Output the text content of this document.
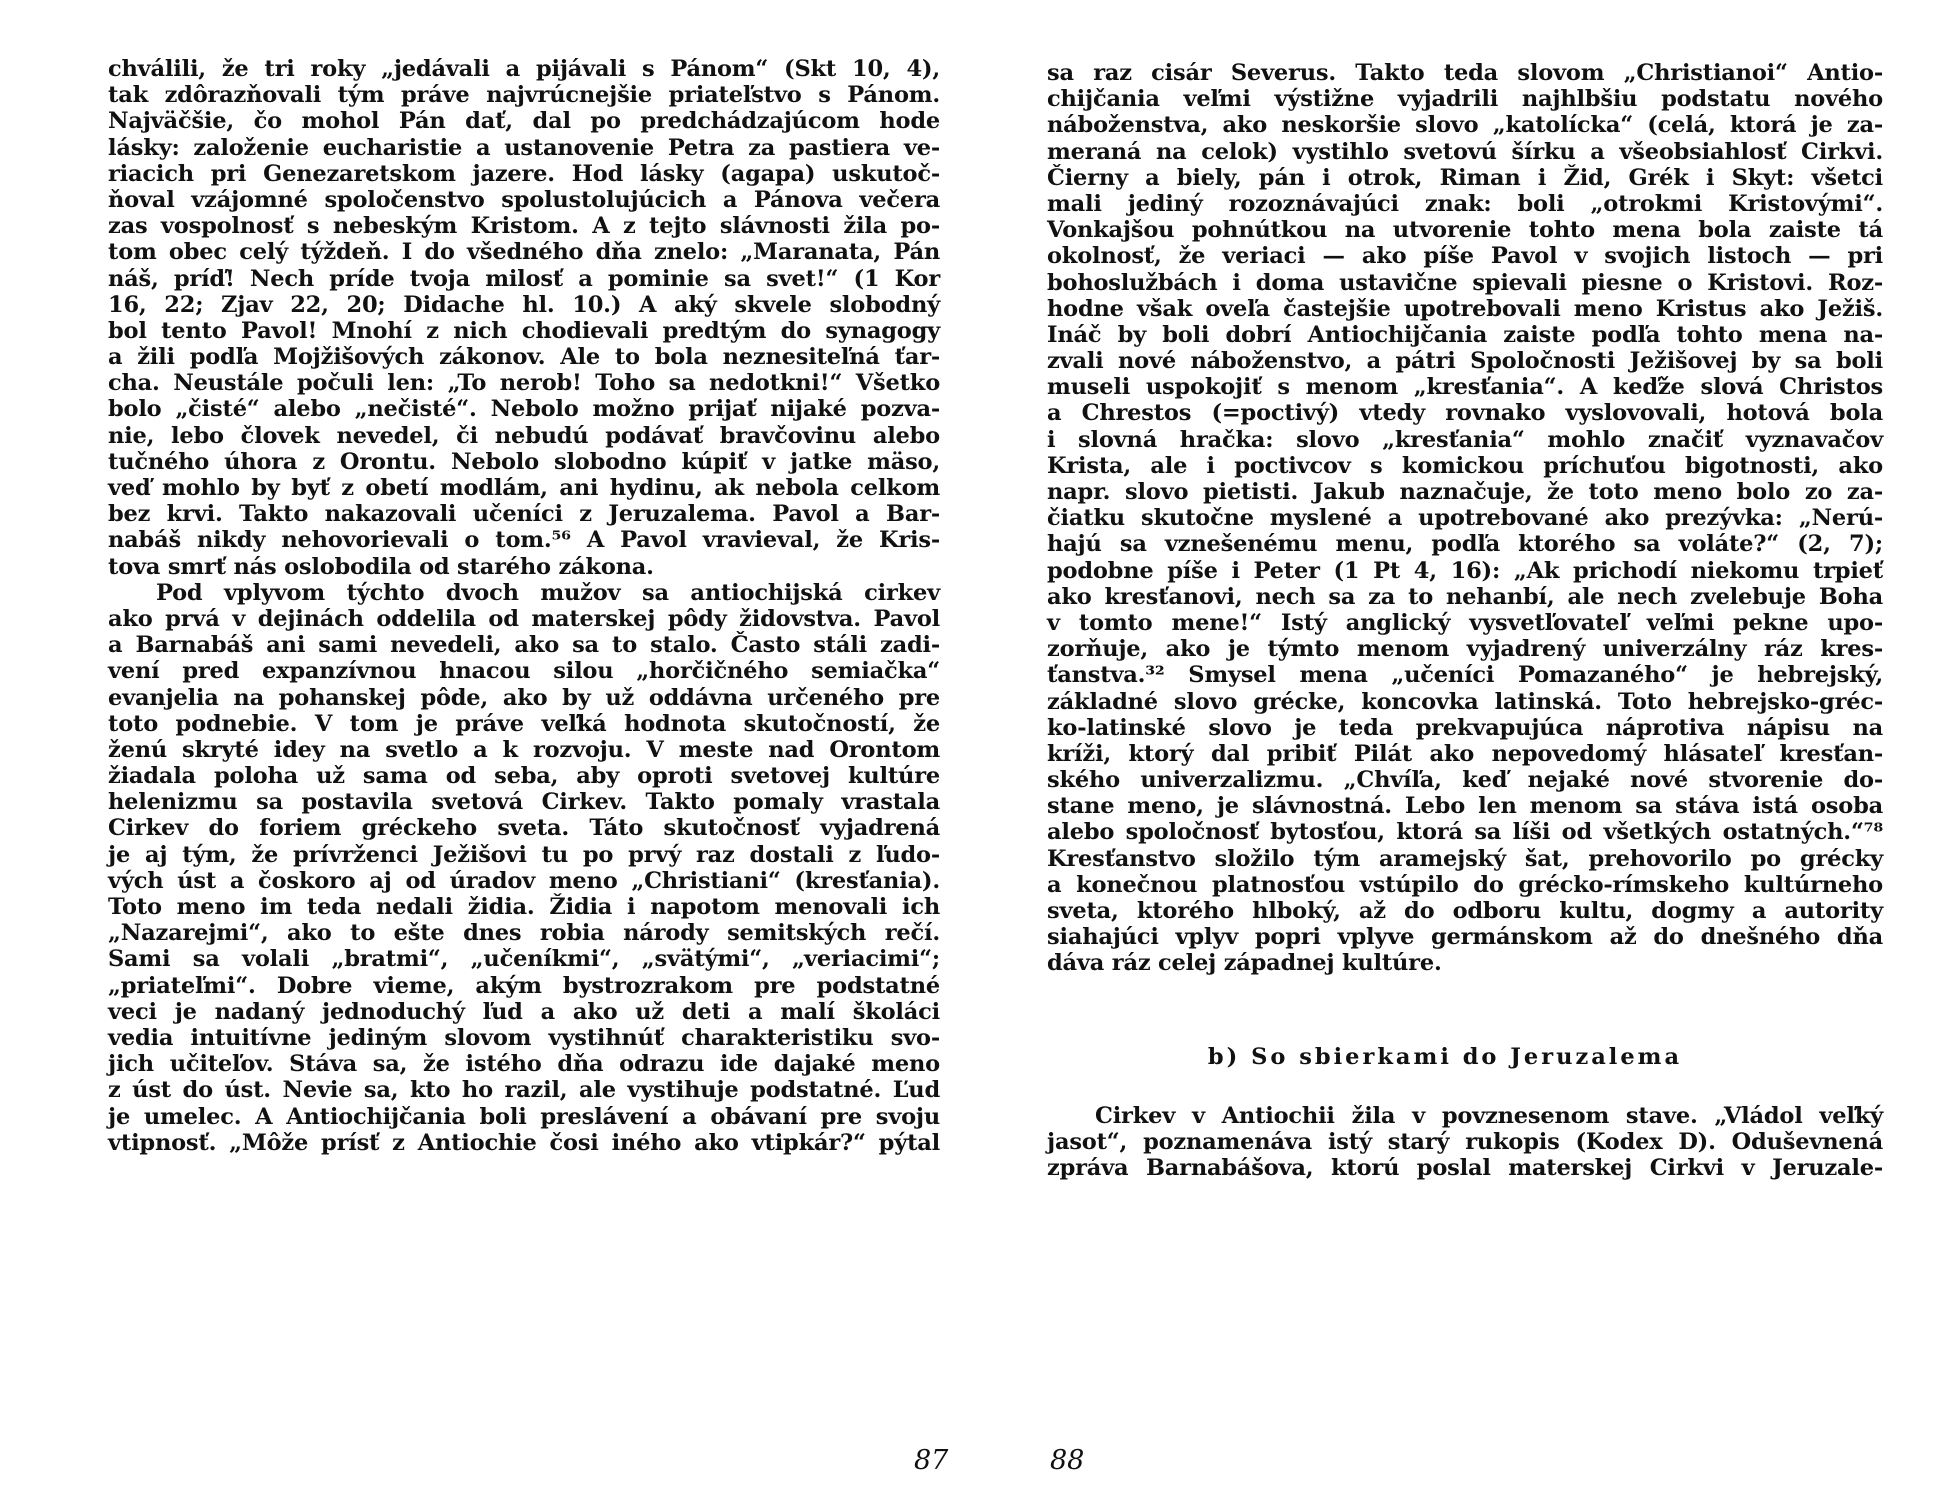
chválili, že tri roky „jedávali a pijávali s Pánom“ (Skt 10, 4),
tak zdôrazňovali tým práve najvrúcnejšie priateľstvo s Pánom.
Najväčšie, čo mohol Pán dať, dal po predchádzajúcom hode
lásky: založenie eucharistie a ustanovenie Petra za pastiera ve-
riacich pri Genezaretskom jazere. Hod lásky (agapa) uskutoč-
ňoval vzájomné spoločenstvo spolustolujúcich a Pánova večera
zas vospolnosť s nebeským Kristom. A z tejto slávnosti žila po-
tom obec celý týždeň. I do všedného dňa znelo: „Maranata, Pán
náš, príď! Nech príde tvoja milosť a pominie sa svet!“ (1 Kor
16, 22; Zjav 22, 20; Didache hl. 10.) A aký skvele slobodný
bol tento Pavol! Mnohí z nich chodievali predtým do synagogy
a žili podľa Mojžišových zákonov. Ale to bola neznesiteľná ťar-
cha. Neustále počuli len: „To nerob! Toho sa nedotkni!“ Všetko
bolo „čisté“ alebo „nečisté“. Nebolo možno prijať nijaké pozva-
nie, lebo človek nevedel, či nebudú podávať bravčovinu alebo
tučného úhora z Orontu. Nebolo slobodno kúpiť v jatke mäso,
veď mohlo by byť z obetí modlám, ani hydinu, ak nebola celkom
bez krvi. Takto nakazovali učeníci z Jeruzalema. Pavol a Bar-
nabáš nikdy nehovorievali o tom.⁵⁶ A Pavol vravieval, že Kris-
tova smrť nás oslobodila od starého zákona.
Pod vplyvom týchto dvoch mužov sa antiochijská cirkev
ako prvá v dejinách oddelila od materskej pôdy židovstva. Pavol
a Barnabáš ani sami nevedeli, ako sa to stalo. Často stáli zadi-
vení pred expanzívnou hnacou silou „horčičného semiačka“
evanjelia na pohanskej pôde, ako by už oddávna určeného pre
toto podnebie. V tom je práve veľká hodnota skutočností, že
ženú skryté idey na svetlo a k rozvoju. V meste nad Orontom
žiadala poloha už sama od seba, aby oproti svetovej kultúre
helenizmu sa postavila svetová Cirkev. Takto pomaly vrastala
Cirkev do foriem gréckeho sveta. Táto skutočnosť vyjadrená
je aj tým, že prívrženci Ježišovi tu po prvý raz dostali z ľudo-
vých úst a čoskoro aj od úradov meno „Christiani“ (kresťania).
Toto meno im teda nedali židia. Židia i napotom menovali ich
„Nazarejmi“, ako to ešte dnes robia národy semitských rečí.
Sami sa volali „bratmi“, „učeníkmi“, „svätými“, „veriacimi“;
„priateľmi“. Dobre vieme, akým bystrozrakom pre podstatné
veci je nadaný jednoduchý ľud a ako už deti a malí školáci
vedia intuitívne jediným slovom vystihnúť charakteristiku svo-
jich učiteľov. Stáva sa, že istého dňa odrazu ide dajaké meno
z úst do úst. Nevie sa, kto ho razil, ale vystihuje podstatné. Ľud
je umelec. A Antiochijčania boli preslávení a obávaní pre svoju
vtipnosť. „Môže prísť z Antiochie čosi iného ako vtipkár?“ pýtal
sa raz cisár Severus. Takto teda slovom „Christianoi“ Antio-
chijčania veľmi výstižne vyjadrili najhlbšiu podstatu nového
náboženstva, ako neskoršie slovo „katolícka“ (celá, ktorá je za-
meraná na celok) vystihlo svetovú šírku a všeobsiahlosť Cirkvi.
Čierny a biely, pán i otrok, Riman i Žid, Grék i Skyt: všetci
mali jediný rozoznávajúci znak: boli „otrokmi Kristovými“.
Vonkajšou pohnútkou na utvorenie tohto mena bola zaiste tá
okolnosť, že veriaci — ako píše Pavol v svojich listoch — pri
bohoslužbách i doma ustavične spievali piesne o Kristovi. Roz-
hodne však oveľa častejšie upotrebovali meno Kristus ako Ježiš.
Ináč by boli dobrí Antiochijčania zaiste podľa tohto mena na-
zvali nové náboženstvo, a pátri Spoločnosti Ježišovej by sa boli
museli uspokojiť s menom „kresťania“. A keďže slová Christos
a Chrestos (=poctivý) vtedy rovnako vyslovovali, hotová bola
i slovná hračka: slovo „kresťania“ mohlo značiť vyznavačov
Krista, ale i poctivcov s komickou príchuťou bigotnosti, ako
napr. slovo pietisti. Jakub naznačuje, že toto meno bolo zo za-
čiatku skutočne myslené a upotrebované ako prezývka: „Nerú-
hajú sa vznešenému menu, podľa ktorého sa voláte?“ (2, 7);
podobne píše i Peter (1 Pt 4, 16): „Ak prichodí niekomu trpieť
ako kresťanovi, nech sa za to nehanbí, ale nech zvelebuje Boha
v tomto mene!“ Istý anglický vysvetľovateľ veľmi pekne upo-
zorňuje, ako je týmto menom vyjadrený univerzálny ráz kres-
ťanstva.³² Smysel mena „učeníci Pomazaného“ je hebrejský,
základné slovo grécke, koncovka latinská. Toto hebrejsko-gréc-
ko-latinské slovo je teda prekvapujúca náprotiva nápisu na
kríži, ktorý dal pribiť Pilát ako nepovedomý hlásateľ kresťan-
ského univerzalizmu. „Chvíľa, keď nejaké nové stvorenie do-
stane meno, je slávnostná. Lebo len menom sa stáva istá osoba
alebo spoločnosť bytosťou, ktorá sa líši od všetkých ostatných.“⁷⁸
Kresťanstvo složilo tým aramejský šat, prehovorilo po grécky
a konečnou platnosťou vstúpilo do grécko-rímskeho kultúrneho
sveta, ktorého hlboký, až do odboru kultu, dogmy a autority
siahajúci vplyv popri vplyve germánskom až do dnešného dňa
dáva ráz celej západnej kultúre.
b) So sbierkami do Jeruzalema
Cirkev v Antiochii žila v povznesenom stave. „Vládol veľký
jasot“, poznamenáva istý starý rukopis (Kodex D). Oduševnená
zpráva Barnabášova, ktorú poslal materskej Cirkvi v Jeruzale-
87	88
